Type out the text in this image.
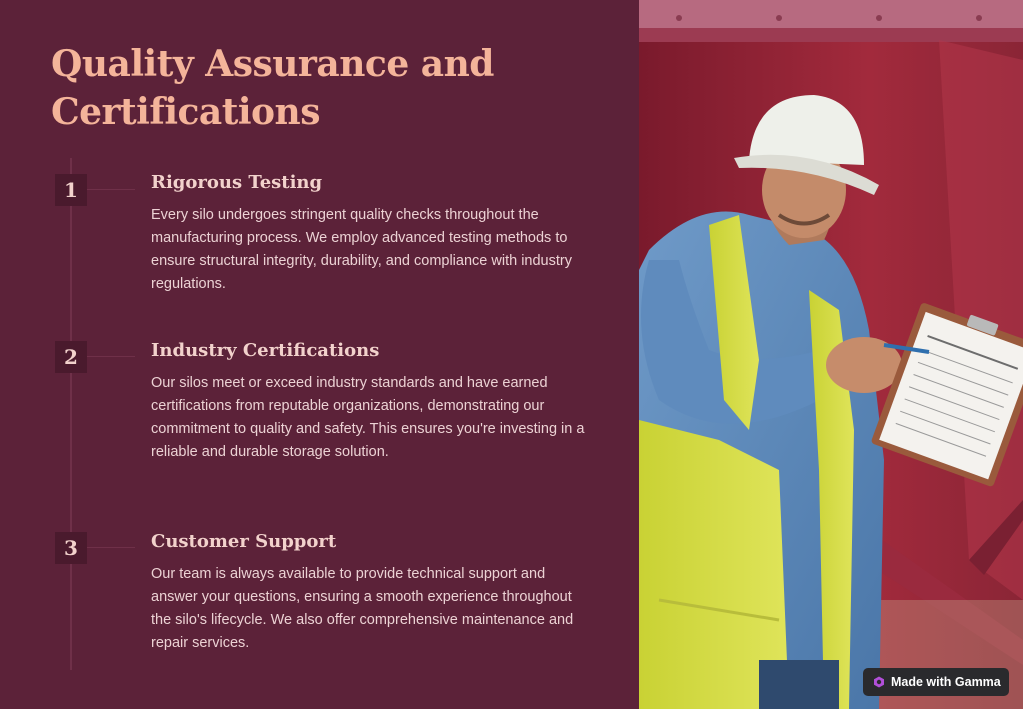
Quality Assurance and Certifications
1	Rigorous Testing

Every silo undergoes stringent quality checks throughout the manufacturing process. We employ advanced testing methods to ensure structural integrity, durability, and compliance with industry regulations.

2	Industry Certifications

Our silos meet or exceed industry standards and have earned certifications from reputable organizations, demonstrating our commitment to quality and safety. This ensures you're investing in a reliable and durable storage solution.

3	Customer Support

Our team is always available to provide technical support and answer your questions, ensuring a smooth experience throughout the silo's lifecycle. We also offer comprehensive maintenance and repair services.

Made with Gamma
